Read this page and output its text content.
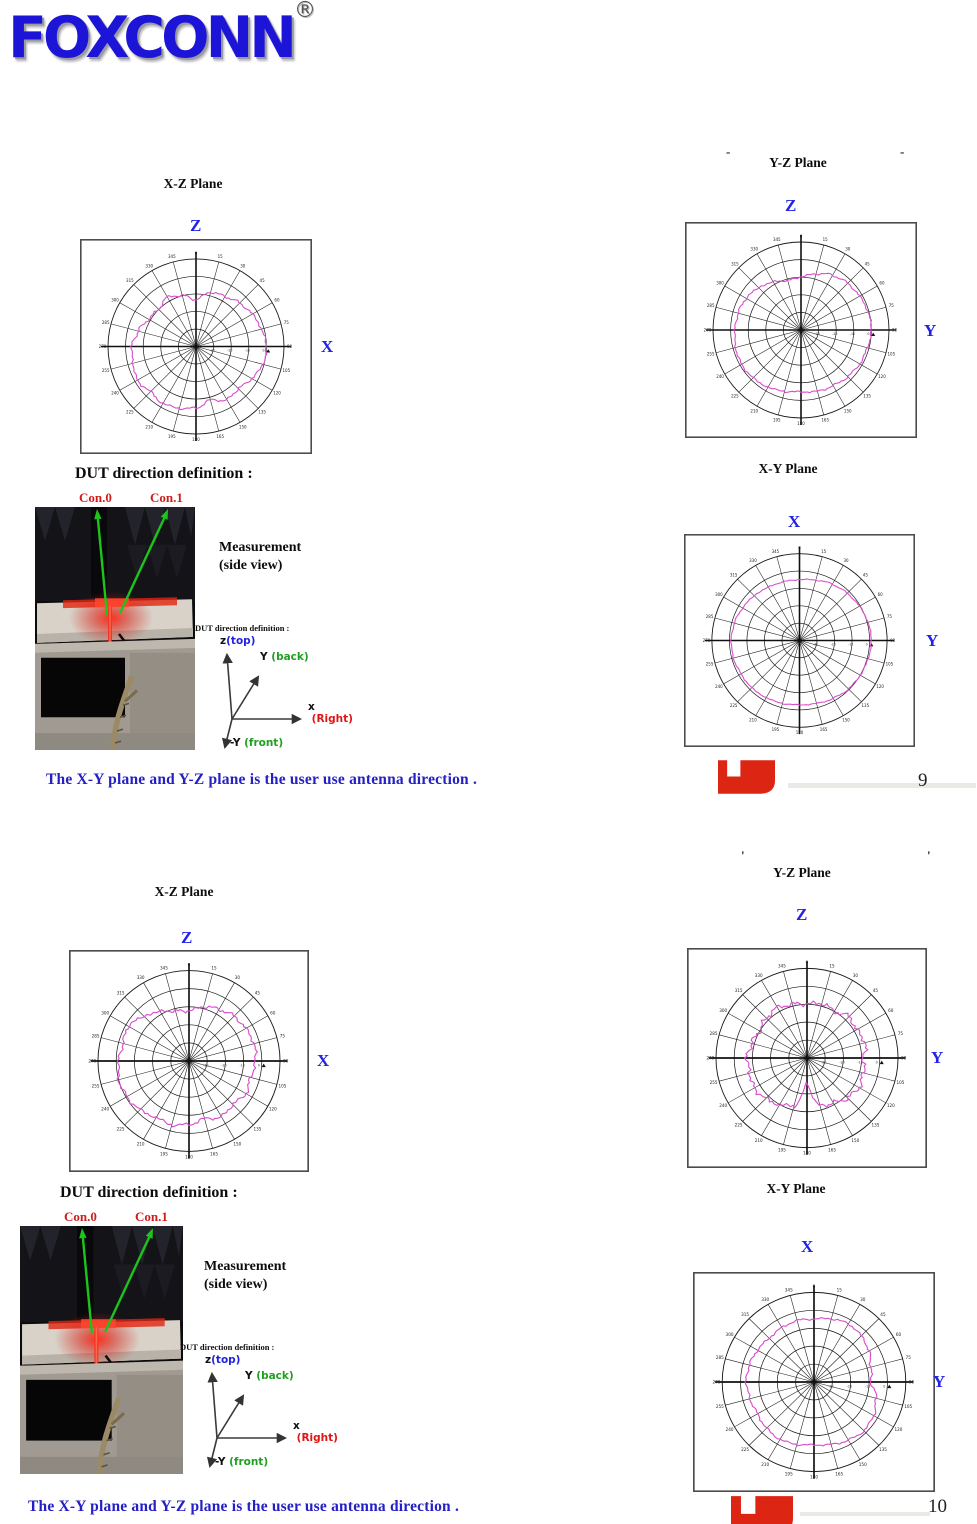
FOXCONN ®
-	-
'	'
X-Z Plane
Z
0
15
30
45
60
75
90
105
120
135
150
165
180
195
210
225
240
255
270
285
300
315
330
345
-30	-20	-10	0	X
Y-Z Plane
Z
0
15
30
45
60
75
90
105
120
135
150
165
180
195
210
225
240
255
270
285
300
315
330
345
-30	-20	-10	0	Y
X-Y Plane
X
0
15
30
45
60
75
90
105
120
135
150
165
180
195
210
225
240
255
270
285
300
315
330
345
-30	-20	-10	0	Y
X-Z Plane
Z
0
15
30
45
60
75
90
105
120
135
150
165
180
195
210
225
240
255
270
285
300
315
330
345
-30	-20	-10	0	X
Y-Z Plane
Z
0
15
30
45
60
75
90
105
120
135
150
165
180
195
210
225
240
255
270
285
300
315
330
345
-30	-20	-10	0	Y
X-Y Plane
X
0
15
30
45
60
75
90
105
120
135
150
165
180
195
210
225
240
255
270
285
300
315
330
345
-30	-20	-10	0	Y
DUT direction definition :
Con.0	Con.1
Measurement
(side view)
DUT direction definition :
z(top)
Y (back)
x (Right)
-Y (front)
DUT direction definition :
Con.0	Con.1
Measurement
(side view)
DUT direction definition :
z(top)
Y (back)
x (Right)
-Y (front)
The X-Y plane and Y-Z plane is the user use antenna direction .
The X-Y plane and Y-Z plane is the user use antenna direction .
9
10
